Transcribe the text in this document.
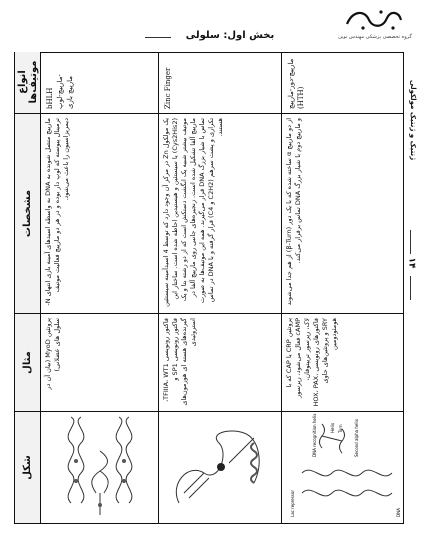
بخش اول: سلولی	گروه تخصصی پزشکی مهندس نوین
ژنتیک و ژنتیک مولکولی
۱۴
شکل
مثال
مشخصات
انواع موتیف‌ها
پروتئین MyoD (بیان آن در سلول های عضلانی)
مارپیچ متصل شونده به DNA به واسطه اسیدهای آمینه بازی انتهای N-ترمینال پیوسته که لوپ دار بوده و در هر دو مارپیچ فعالیت موتیف دیمریزاسیون را باعث می‌شود.
bHLH
مارپیچ-لوپ-
مارپیچ بازی
فاکتور رونویسی TFIIIA، WT1، فاکتور رونویسی SP1 و گیرنده‌های هسته ای هورمون‌های استروئیدی
یک مولکول Zn در مرکز آن وجود دارد که توسط 4 اسیدآمینه سیستئین (Cys2His2) یا سیستئین و هیستیدین احاطه شده است. ساختار این موتیف بیشتر شبیه یک انگشت دستکش است که از دو رشته بتا و یک مارپیچ آلفا تشکیل شده است. زنجیره‌های جانبی روی مارپیچ آلفا در تماس با شیار بزرگ DNA قرار می‌گیرند. همه این موتیف‌ها به صورت تکراری و پشت سرهم (C2H2 و C4) قرار گرفته و با DNA در تماس هستند.
Zinc Finger
Lac repressor
DNA recognition helix	Second alpha helix
Helix Turn
DNA
پروتئین CRP یا CAP که با cAMP فعال می‌شود، رپرسور لاک، رپرسور تریپتوفان، فاکتورهای رونویسی HOX، PAX، SRY و پروتئین‌های حاوی هومئودومین
از دو مارپیچ α ساخته شده که با یک دور (β-Turn) از هم جدا می‌شوند و مارپیچ دوم با شیار بزرگ DNA تماس برقرار می‌کند.
مارپیچ-دور-مارپیچ
(HTH)
